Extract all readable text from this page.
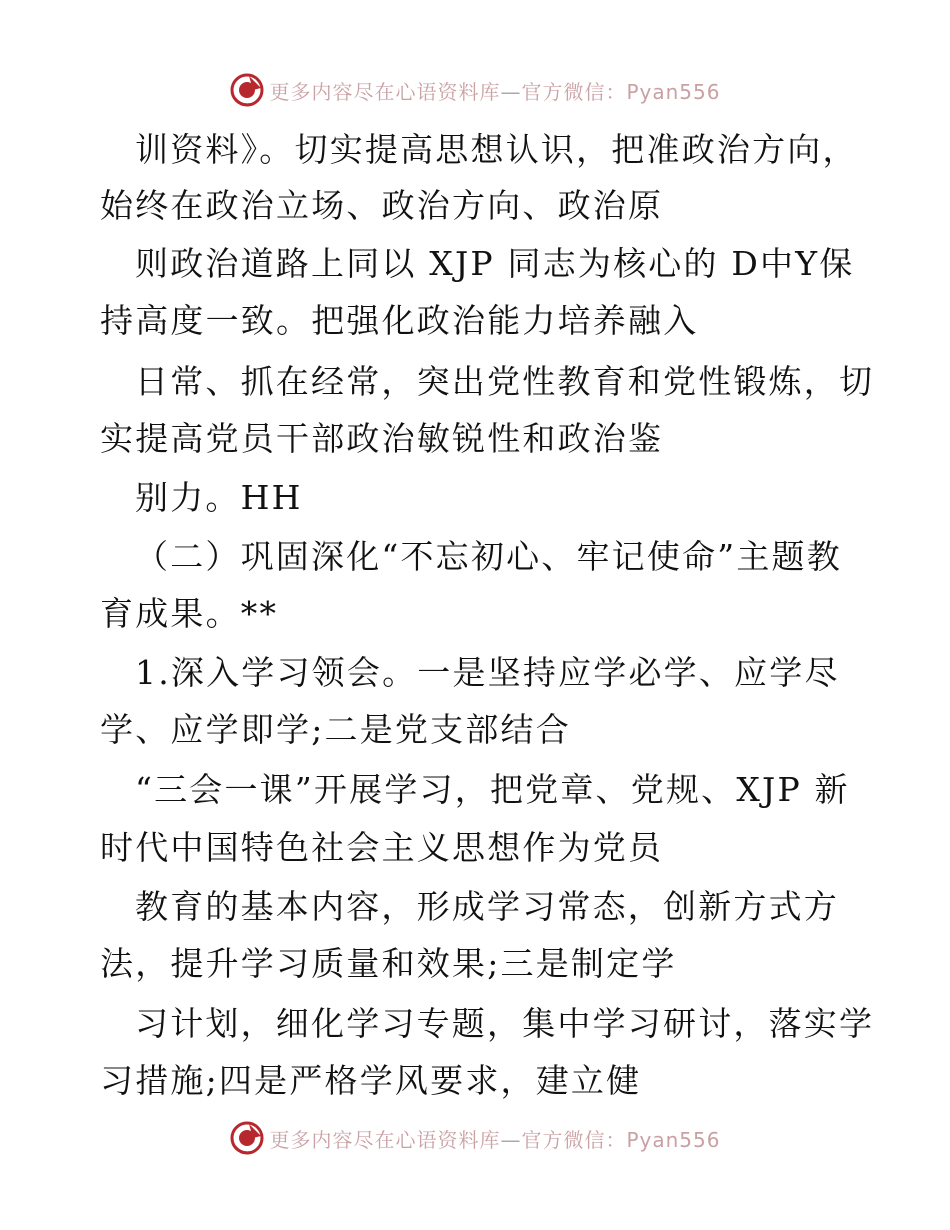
更多内容尽在心语资料库—官方微信：Pyan556
训资料》。切实提高思想认识，把准政治方向，
始终在政治立场、政治方向、政治原
则政治道路上同以 XJP 同志为核心的 D中Y保
持高度一致。把强化政治能力培养融入
日常、抓在经常，突出党性教育和党性锻炼，切
实提高党员干部政治敏锐性和政治鉴
别力。HH
（二）巩固深化“不忘初心、牢记使命”主题教
育成果。**
1.深入学习领会。一是坚持应学必学、应学尽
学、应学即学;二是党支部结合
“三会一课”开展学习，把党章、党规、XJP 新
时代中国特色社会主义思想作为党员
教育的基本内容，形成学习常态，创新方式方
法，提升学习质量和效果;三是制定学
习计划，细化学习专题，集中学习研讨，落实学
习措施;四是严格学风要求，建立健
更多内容尽在心语资料库—官方微信：Pyan556
